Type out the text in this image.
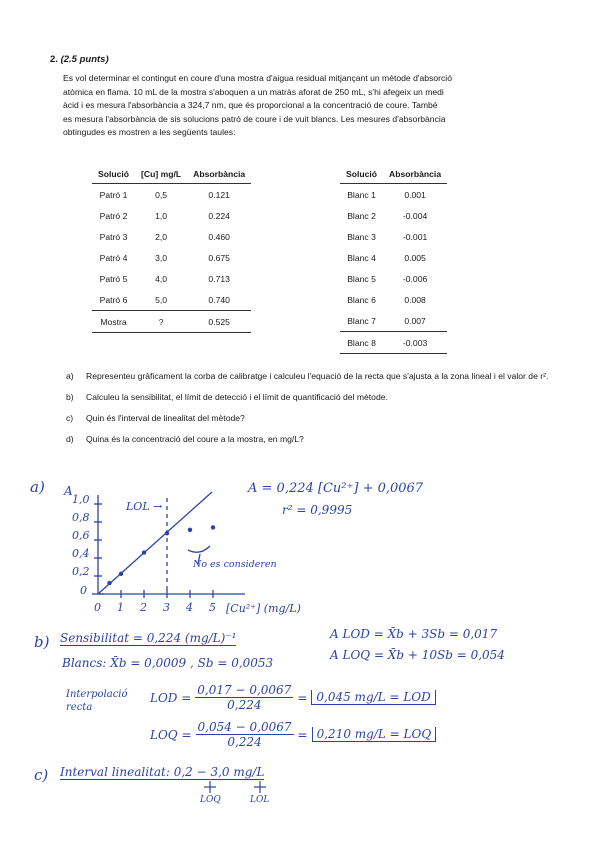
2. (2.5 punts)

Es vol determinar el contingut en coure d'una mostra d'aigua residual mitjançant un mètode d'absorció

atòmica en flama. 10 mL de la mostra s'aboquen a un matràs aforat de 250 mL, s'hi afegeix un medi

àcid i es mesura l'absorbància a 324,7 nm, que és proporcional a la concentració de coure. També

es mesura l'absorbància de sis solucions patró de coure i de vuit blancs. Les mesures d'absorbància

obtingudes es mostren a les següents taules:

Solució	[Cu] mg/L	Absorbància
Patró 1	0,5	0.121
Patró 2	1,0	0.224
Patró 3	2,0	0.460
Patró 4	3,0	0.675
Patró 5	4,0	0.713
Patró 6	5,0	0.740
Mostra	?	0.525
Solució	Absorbància
Blanc 1	0.001
Blanc 2	-0.004
Blanc 3	-0.001
Blanc 4	0.005
Blanc 5	-0.006
Blanc 6	0.008
Blanc 7	0.007
Blanc 8	-0.003
a)	Representeu gràficament la corba de calibratge i calculeu l'equació de la recta que s'ajusta a la zona lineal i el valor de r².
b)	Calculeu la sensibilitat, el límit de detecció i el límit de quantificació del mètode.
c)	Quin és l'interval de linealitat del mètode?
d)	Quina és la concentració del coure a la mostra, en mg/L?
a) A
1,0
0,8
0,6
0,4
0,2
0
0 1 2 3 4 5 [Cu²⁺] (mg/L)
LOL →
No es consideren
A = 0,224 [Cu²⁺] + 0,0067
r² = 0,9995
b) Sensibilitat = 0,224 (mg/L)⁻¹
Blancs: X̄b = 0,0009 , Sb = 0,0053
A LOD = X̄b + 3Sb = 0,017
A LOQ = X̄b + 10Sb = 0,054
Interpolació
recta
LOD = $\frac{0,017 - 0,0067}{0,224} = 0,045$ mg/L = LOD
LOQ = $\frac{0,054 - 0,0067}{0,224} = 0,210$ mg/L = LOQ
c) Interval linealitat: 0,2 − 3,0 mg/L
LOQ	LOL
